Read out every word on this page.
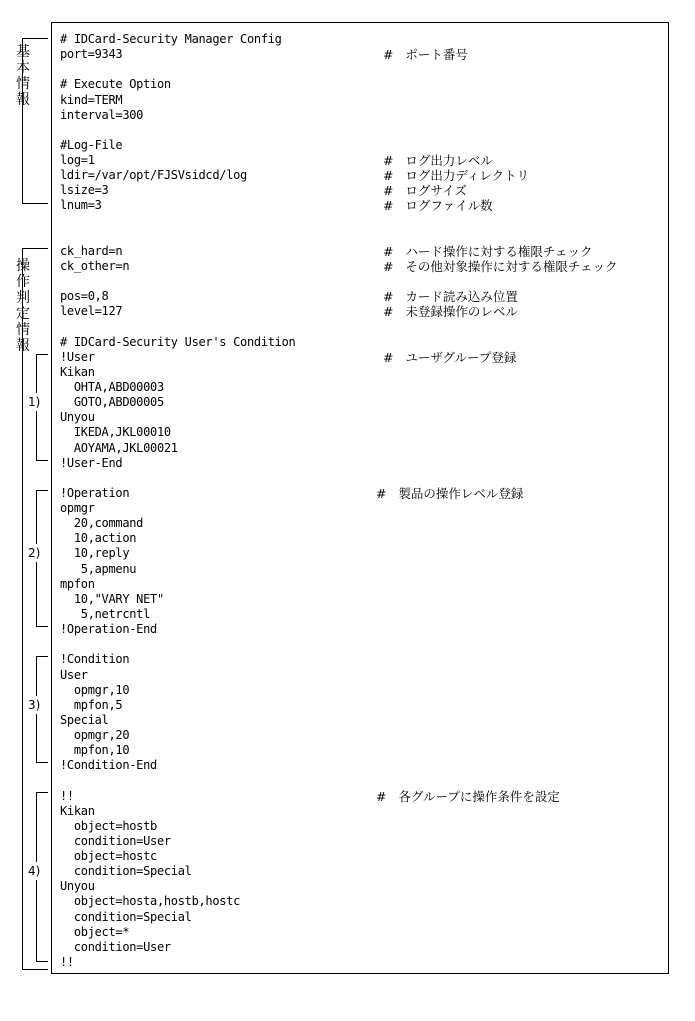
基本情報
操作判定情報
1)
2)
3)
4)
# IDCard-Security Manager Config
port=9343
# Execute Option
kind=TERM
interval=300
#Log-File
log=1
ldir=/var/opt/FJSVsidcd/log
lsize=3
lnum=3
ck_hard=n
ck_other=n
pos=0,8
level=127
# IDCard-Security User's Condition
!User
Kikan
OHTA,ABD00003
GOTO,ABD00005
Unyou
IKEDA,JKL00010
AOYAMA,JKL00021
!User-End
!Operation
opmgr
20,command
10,action
10,reply
5,apmenu
mpfon
10,"VARY NET"
5,netrcntl
!Operation-End
!Condition
User
opmgr,10
mpfon,5
Special
opmgr,20
mpfon,10
!Condition-End
!!
Kikan
object=hostb
condition=User
object=hostc
condition=Special
Unyou
object=hosta,hostb,hostc
condition=Special
object=*
condition=User
!!
#   ポート番号
#   ログ出力レベル
#   ログ出力ディレクトリ
#   ログサイズ
#   ログファイル数
#   ハード操作に対する権限チェック
#   その他対象操作に対する権限チェック
#   カード読み込み位置
#   未登録操作のレベル
#   ユーザグループ登録
#   製品の操作レベル登録
#   各グループに操作条件を設定
